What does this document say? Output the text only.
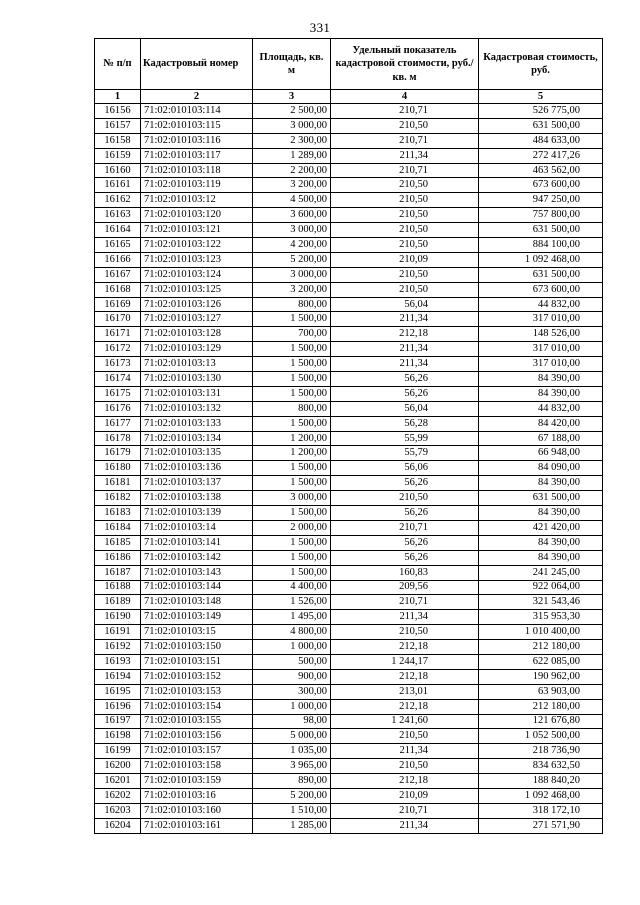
331
№ п/п	Кадастровый номер	Площадь, кв. м	Удельный показатель кадастровой стоимости, руб./кв. м	Кадастровая стоимость, руб.
1	2	3	4	5
16156	71:02:010103:114	2 500,00	210,71	526 775,00
16157	71:02:010103:115	3 000,00	210,50	631 500,00
16158	71:02:010103:116	2 300,00	210,71	484 633,00
16159	71:02:010103:117	1 289,00	211,34	272 417,26
16160	71:02:010103:118	2 200,00	210,71	463 562,00
16161	71:02:010103:119	3 200,00	210,50	673 600,00
16162	71:02:010103:12	4 500,00	210,50	947 250,00
16163	71:02:010103:120	3 600,00	210,50	757 800,00
16164	71:02:010103:121	3 000,00	210,50	631 500,00
16165	71:02:010103:122	4 200,00	210,50	884 100,00
16166	71:02:010103:123	5 200,00	210,09	1 092 468,00
16167	71:02:010103:124	3 000,00	210,50	631 500,00
16168	71:02:010103:125	3 200,00	210,50	673 600,00
16169	71:02:010103:126	800,00	56,04	44 832,00
16170	71:02:010103:127	1 500,00	211,34	317 010,00
16171	71:02:010103:128	700,00	212,18	148 526,00
16172	71:02:010103:129	1 500,00	211,34	317 010,00
16173	71:02:010103:13	1 500,00	211,34	317 010,00
16174	71:02:010103:130	1 500,00	56,26	84 390,00
16175	71:02:010103:131	1 500,00	56,26	84 390,00
16176	71:02:010103:132	800,00	56,04	44 832,00
16177	71:02:010103:133	1 500,00	56,28	84 420,00
16178	71:02:010103:134	1 200,00	55,99	67 188,00
16179	71:02:010103:135	1 200,00	55,79	66 948,00
16180	71:02:010103:136	1 500,00	56,06	84 090,00
16181	71:02:010103:137	1 500,00	56,26	84 390,00
16182	71:02:010103:138	3 000,00	210,50	631 500,00
16183	71:02:010103:139	1 500,00	56,26	84 390,00
16184	71:02:010103:14	2 000,00	210,71	421 420,00
16185	71:02:010103:141	1 500,00	56,26	84 390,00
16186	71:02:010103:142	1 500,00	56,26	84 390,00
16187	71:02:010103:143	1 500,00	160,83	241 245,00
16188	71:02:010103:144	4 400,00	209,56	922 064,00
16189	71:02:010103:148	1 526,00	210,71	321 543,46
16190	71:02:010103:149	1 495,00	211,34	315 953,30
16191	71:02:010103:15	4 800,00	210,50	1 010 400,00
16192	71:02:010103:150	1 000,00	212,18	212 180,00
16193	71:02:010103:151	500,00	1 244,17	622 085,00
16194	71:02:010103:152	900,00	212,18	190 962,00
16195	71:02:010103:153	300,00	213,01	63 903,00
16196	71:02:010103:154	1 000,00	212,18	212 180,00
16197	71:02:010103:155	98,00	1 241,60	121 676,80
16198	71:02:010103:156	5 000,00	210,50	1 052 500,00
16199	71:02:010103:157	1 035,00	211,34	218 736,90
16200	71:02:010103:158	3 965,00	210,50	834 632,50
16201	71:02:010103:159	890,00	212,18	188 840,20
16202	71:02:010103:16	5 200,00	210,09	1 092 468,00
16203	71:02:010103:160	1 510,00	210,71	318 172,10
16204	71:02:010103:161	1 285,00	211,34	271 571,90
